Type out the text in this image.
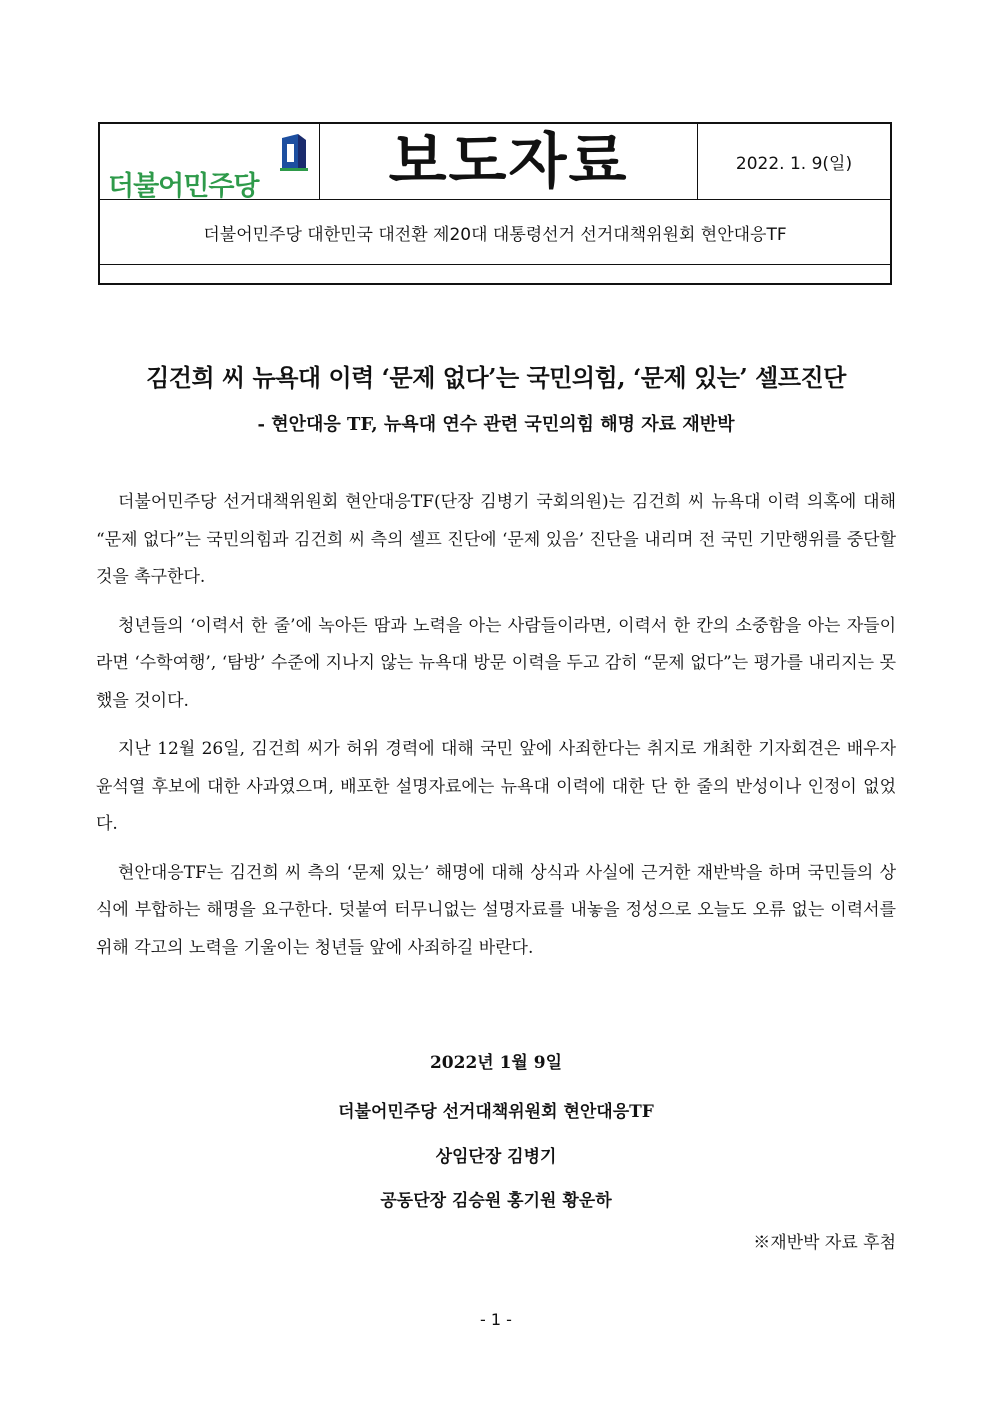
더불어민주당 보도자료	2022. 1. 9(일)
더불어민주당 대한민국 대전환 제20대 대통령선거 선거대책위원회 현안대응TF
김건희 씨 뉴욕대 이력 ‘문제 없다’는 국민의힘, ‘문제 있는’ 셀프진단
- 현안대응 TF, 뉴욕대 연수 관련 국민의힘 해명 자료 재반박

더불어민주당 선거대책위원회 현안대응TF(단장 김병기 국회의원)는 김건희 씨 뉴욕대 이력 의혹에 대해 “문제 없다”는 국민의힘과 김건희 씨 측의 셀프 진단에 ‘문제 있음’ 진단을 내리며 전 국민 기만행위를 중단할 것을 촉구한다.

청년들의 ‘이력서 한 줄’에 녹아든 땀과 노력을 아는 사람들이라면, 이력서 한 칸의 소중함을 아는 자들이라면 ‘수학여행’, ‘탐방’ 수준에 지나지 않는 뉴욕대 방문 이력을 두고 감히 “문제 없다”는 평가를 내리지는 못했을 것이다.

지난 12월 26일, 김건희 씨가 허위 경력에 대해 국민 앞에 사죄한다는 취지로 개최한 기자회견은 배우자 윤석열 후보에 대한 사과였으며, 배포한 설명자료에는 뉴욕대 이력에 대한 단 한 줄의 반성이나 인정이 없었다.

현안대응TF는 김건희 씨 측의 ‘문제 있는’ 해명에 대해 상식과 사실에 근거한 재반박을 하며 국민들의 상식에 부합하는 해명을 요구한다. 덧붙여 터무니없는 설명자료를 내놓을 정성으로 오늘도 오류 없는 이력서를 위해 각고의 노력을 기울이는 청년들 앞에 사죄하길 바란다.

2022년 1월 9일
더불어민주당 선거대책위원회 현안대응TF
상임단장 김병기
공동단장 김승원 홍기원 황운하
※재반박 자료 후첨
- 1 -
